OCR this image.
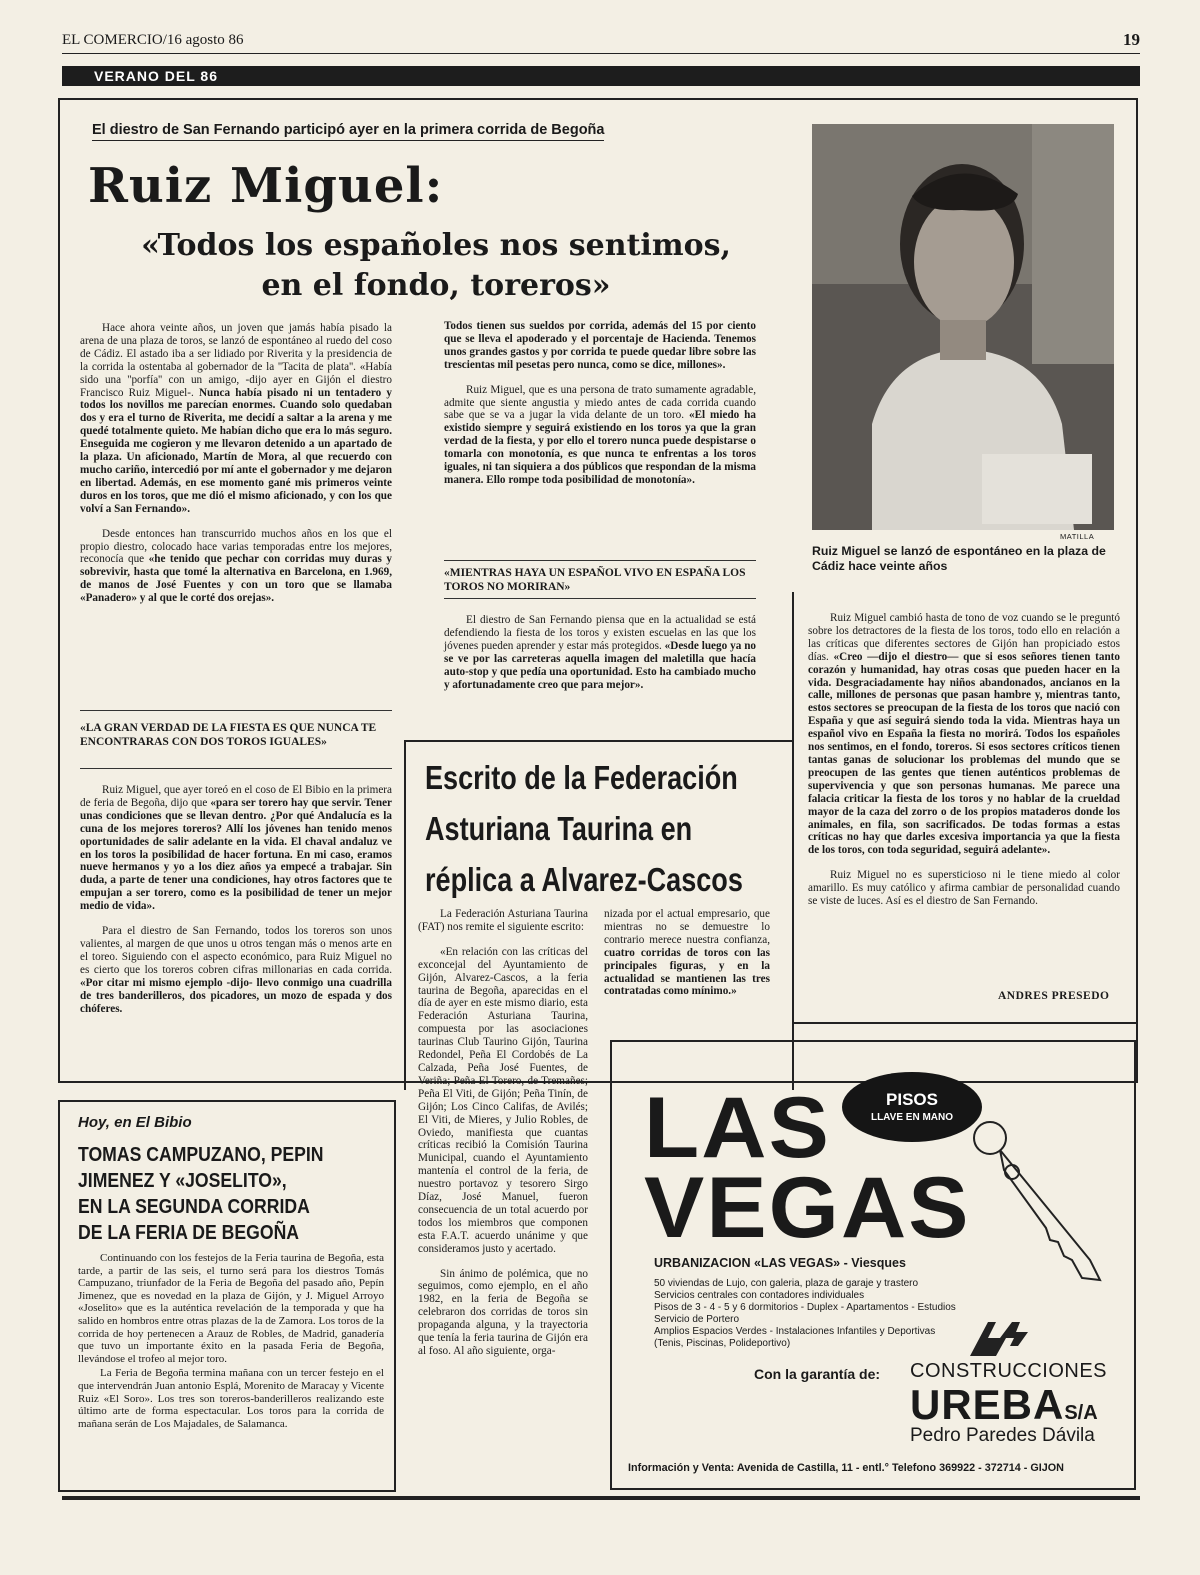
EL COMERCIO/16 agosto 86	19
VERANO DEL 86
El diestro de San Fernando participó ayer en la primera corrida de Begoña
Ruiz Miguel:
«Todos los españoles nos sentimos,
en el fondo, toreros»

Hace ahora veinte años, un joven que jamás había pisado la arena de una plaza de toros, se lanzó de espontáneo al ruedo del coso de Cádiz. El astado iba a ser lidiado por Riverita y la presidencia de la corrida la ostentaba al gobernador de la ''Tacita de plata''. «Había sido una ''porfía'' con un amigo, -dijo ayer en Gijón el diestro Francisco Ruiz Miguel-. Nunca había pisado ni un tentadero y todos los novillos me parecían enormes. Cuando solo quedaban dos y era el turno de Riverita, me decidí a saltar a la arena y me quedé totalmente quieto. Me habían dicho que era lo más seguro. Enseguida me cogieron y me llevaron detenido a un apartado de la plaza. Un aficionado, Martín de Mora, al que recuerdo con mucho cariño, intercedió por mí ante el gobernador y me dejaron en libertad. Además, en ese momento gané mis primeros veinte duros en los toros, que me dió el mismo aficionado, y con los que volví a San Fernando».

Desde entonces han transcurrido muchos años en los que el propio diestro, colocado hace varias temporadas entre los mejores, reconocía que «he tenido que pechar con corridas muy duras y sobrevivir, hasta que tomé la alternativa en Barcelona, en 1.969, de manos de José Fuentes y con un toro que se llamaba «Panadero» y al que le corté dos orejas».

«LA GRAN VERDAD DE LA FIESTA ES QUE NUNCA TE ENCONTRARAS CON DOS TOROS IGUALES»

Ruiz Miguel, que ayer toreó en el coso de El Bibio en la primera de feria de Begoña, dijo que «para ser torero hay que servir. Tener unas condiciones que se llevan dentro. ¿Por qué Andalucía es la cuna de los mejores toreros? Allí los jóvenes han tenido menos oportunidades de salir adelante en la vida. El chaval andaluz ve en los toros la posibilidad de hacer fortuna. En mi caso, eramos nueve hermanos y yo a los diez años ya empecé a trabajar. Sin duda, a parte de tener una condiciones, hay otros factores que te empujan a ser torero, como es la posibilidad de tener un mejor medio de vida».

Para el diestro de San Fernando, todos los toreros son unos valientes, al margen de que unos u otros tengan más o menos arte en el toreo. Siguiendo con el aspecto económico, para Ruiz Miguel no es cierto que los toreros cobren cifras millonarias en cada corrida. «Por citar mi mismo ejemplo -dijo- llevo conmigo una cuadrilla de tres banderilleros, dos picadores, un mozo de espada y dos chóferes.

Todos tienen sus sueldos por corrida, además del 15 por ciento que se lleva el apoderado y el porcentaje de Hacienda. Tenemos unos grandes gastos y por corrida te puede quedar libre sobre las trescientas mil pesetas pero nunca, como se dice, millones».

Ruiz Miguel, que es una persona de trato sumamente agradable, admite que siente angustia y miedo antes de cada corrida cuando sabe que se va a jugar la vida delante de un toro. «El miedo ha existido siempre y seguirá existiendo en los toros ya que la gran verdad de la fiesta, y por ello el torero nunca puede despistarse o tomarla con monotonía, es que nunca te enfrentas a los toros iguales, ni tan siquiera a dos públicos que respondan de la misma manera. Ello rompe toda posibilidad de monotonía».

«MIENTRAS HAYA UN ESPAÑOL VIVO EN ESPAÑA LOS TOROS NO MORIRAN»

El diestro de San Fernando piensa que en la actualidad se está defendiendo la fiesta de los toros y existen escuelas en las que los jóvenes pueden aprender y estar más protegidos. «Desde luego ya no se ve por las carreteras aquella imagen del maletilla que hacía auto-stop y que pedía una oportunidad. Esto ha cambiado mucho y afortunadamente creo que para mejor».

MATILLA
Ruiz Miguel se lanzó de espontáneo en la plaza de Cádiz hace veinte años

Ruiz Miguel cambió hasta de tono de voz cuando se le preguntó sobre los detractores de la fiesta de los toros, todo ello en relación a las críticas que diferentes sectores de Gijón han propiciado estos días. «Creo —dijo el diestro— que si esos señores tienen tanto corazón y humanidad, hay otras cosas que pueden hacer en la vida. Desgraciadamente hay niños abandonados, ancianos en la calle, millones de personas que pasan hambre y, mientras tanto, estos sectores se preocupan de la fiesta de los toros que nació con España y que así seguirá siendo toda la vida. Mientras haya un español vivo en España la fiesta no morirá. Todos los españoles nos sentimos, en el fondo, toreros. Si esos sectores críticos tienen tantas ganas de solucionar los problemas del mundo que se preocupen de las gentes que tienen auténticos problemas de supervivencia y que son personas humanas. Me parece una falacia criticar la fiesta de los toros y no hablar de la crueldad mayor de la caza del zorro o de los propios mataderos donde los animales, en fila, son sacrificados. De todas formas a estas críticas no hay que darles excesiva importancia ya que la fiesta de los toros, con toda seguridad, seguirá adelante».

Ruiz Miguel no es supersticioso ni le tiene miedo al color amarillo. Es muy católico y afirma cambiar de personalidad cuando se viste de luces. Así es el diestro de San Fernando.

ANDRES PRESEDO
Escrito de la Federación
Asturiana Taurina en
réplica a Alvarez-Cascos

La Federación Asturiana Taurina (FAT) nos remite el siguiente escrito:

«En relación con las críticas del exconcejal del Ayuntamiento de Gijón, Alvarez-Cascos, a la feria taurina de Begoña, aparecidas en el día de ayer en este mismo diario, esta Federación Asturiana Taurina, compuesta por las asociaciones taurinas Club Taurino Gijón, Taurina Redondel, Peña El Cordobés de La Calzada, Peña José Fuentes, de Veriña; Peña El Torero, de Tremañes; Peña El Viti, de Gijón; Peña Tinín, de Gijón; Los Cinco Califas, de Avilés; El Viti, de Mieres, y Julio Robles, de Oviedo, manifiesta que cuantas críticas recibió la Comisión Taurina Municipal, cuando el Ayuntamiento mantenía el control de la feria, de nuestro portavoz y tesorero Sirgo Díaz, José Manuel, fueron consecuencia de un total acuerdo por todos los miembros que componen esta F.A.T. acuerdo unánime y que consideramos justo y acertado.

Sin ánimo de polémica, que no seguimos, como ejemplo, en el año 1982, en la feria de Begoña se celebraron dos corridas de toros sin propaganda alguna, y la trayectoria que tenía la feria taurina de Gijón era al foso. Al año siguiente, orga-

nizada por el actual empresario, que mientras no se demuestre lo contrario merece nuestra confianza, cuatro corridas de toros con las principales figuras, y en la actualidad se mantienen las tres contratadas como mínimo.»

Hoy, en El Bibio
TOMAS CAMPUZANO, PEPIN
JIMENEZ Y «JOSELITO»,
EN LA SEGUNDA CORRIDA
DE LA FERIA DE BEGOÑA

Continuando con los festejos de la Feria taurina de Begoña, esta tarde, a partir de las seis, el turno será para los diestros Tomás Campuzano, triunfador de la Feria de Begoña del pasado año, Pepín Jimenez, que es novedad en la plaza de Gijón, y J. Miguel Arroyo «Joselito» que es la auténtica revelación de la temporada y que ha salido en hombros entre otras plazas de la de Zamora. Los toros de la corrida de hoy pertenecen a Arauz de Robles, de Madrid, ganadería que tuvo un importante éxito en la pasada Feria de Begoña, llevándose el trofeo al mejor toro.

La Feria de Begoña termina mañana con un tercer festejo en el que intervendrán Juan antonio Esplá, Morenito de Maracay y Vicente Ruiz «El Soro». Los tres son toreros-banderilleros realizando este último arte de forma espectacular. Los toros para la corrida de mañana serán de Los Majadales, de Salamanca.

LAS
VEGAS
PISOS
LLAVE EN MANO
URBANIZACION «LAS VEGAS» - Viesques
50 viviendas de Lujo, con galeria, plaza de garaje y trastero
Servicios centrales con contadores individuales
Pisos de 3 - 4 - 5 y 6 dormitorios - Duplex - Apartamentos - Estudios
Servicio de Portero
Amplios Espacios Verdes - Instalaciones Infantiles y Deportivas
(Tenis, Piscinas, Polideportivo)
Con la garantía de: CONSTRUCCIONES
UREBAS/A
Pedro Paredes Dávila
Información y Venta: Avenida de Castilla, 11 - entl.° Telefono 369922 - 372714 - GIJON
